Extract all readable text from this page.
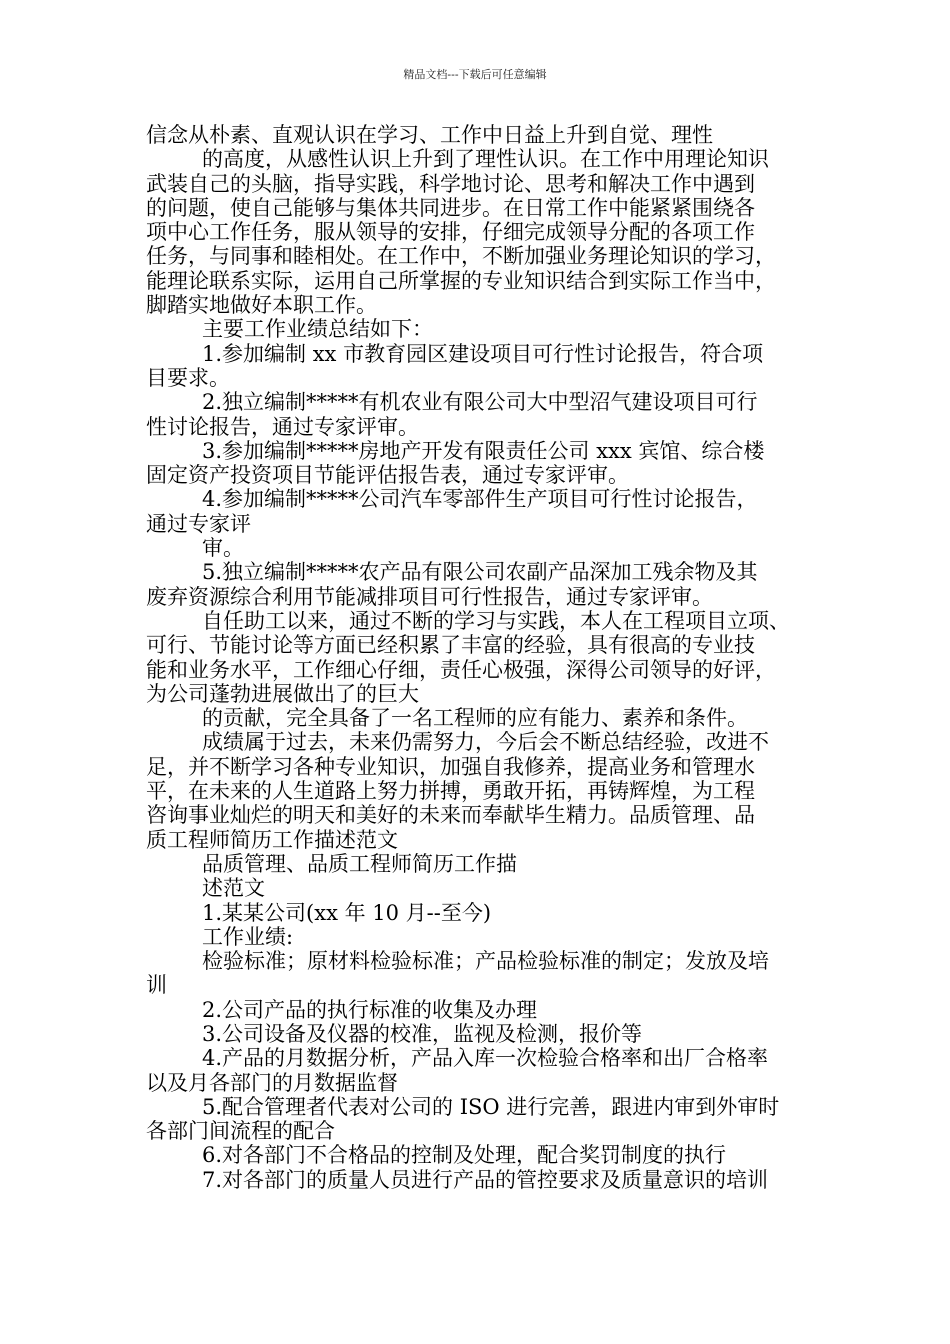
精品文档---下载后可任意编辑
信念从朴素、直观认识在学习、工作中日益上升到自觉、理性
的高度，从感性认识上升到了理性认识。在工作中用理论知识
武装自己的头脑，指导实践，科学地讨论、思考和解决工作中遇到
的问题，使自己能够与集体共同进步。在日常工作中能紧紧围绕各
项中心工作任务，服从领导的安排，仔细完成领导分配的各项工作
任务，与同事和睦相处。在工作中，不断加强业务理论知识的学习，
能理论联系实际，运用自己所掌握的专业知识结合到实际工作当中，
脚踏实地做好本职工作。
主要工作业绩总结如下：
1.参加编制 xx 市教育园区建设项目可行性讨论报告，符合项
目要求。
2.独立编制*****有机农业有限公司大中型沼气建设项目可行
性讨论报告，通过专家评审。
3.参加编制*****房地产开发有限责任公司 xxx 宾馆、综合楼
固定资产投资项目节能评估报告表，通过专家评审。
4.参加编制*****公司汽车零部件生产项目可行性讨论报告，
通过专家评
审。
5.独立编制*****农产品有限公司农副产品深加工残余物及其
废弃资源综合利用节能减排项目可行性报告，通过专家评审。
自任助工以来，通过不断的学习与实践，本人在工程项目立项、
可行、节能讨论等方面已经积累了丰富的经验，具有很高的专业技
能和业务水平，工作细心仔细，责任心极强，深得公司领导的好评，
为公司蓬勃进展做出了的巨大
的贡献，完全具备了一名工程师的应有能力、素养和条件。
成绩属于过去，未来仍需努力，今后会不断总结经验，改进不
足，并不断学习各种专业知识，加强自我修养，提高业务和管理水
平，在未来的人生道路上努力拼搏，勇敢开拓，再铸辉煌，为工程
咨询事业灿烂的明天和美好的未来而奉献毕生精力。品质管理、品
质工程师简历工作描述范文
品质管理、品质工程师简历工作描
述范文
1.某某公司(xx 年 10 月--至今)
工作业绩:
检验标准；原材料检验标准；产品检验标准的制定；发放及培
训
2.公司产品的执行标准的收集及办理
3.公司设备及仪器的校准，监视及检测，报价等
4.产品的月数据分析，产品入库一次检验合格率和出厂合格率
以及月各部门的月数据监督
5.配合管理者代表对公司的 ISO 进行完善，跟进内审到外审时
各部门间流程的配合
6.对各部门不合格品的控制及处理，配合奖罚制度的执行
7.对各部门的质量人员进行产品的管控要求及质量意识的培训
